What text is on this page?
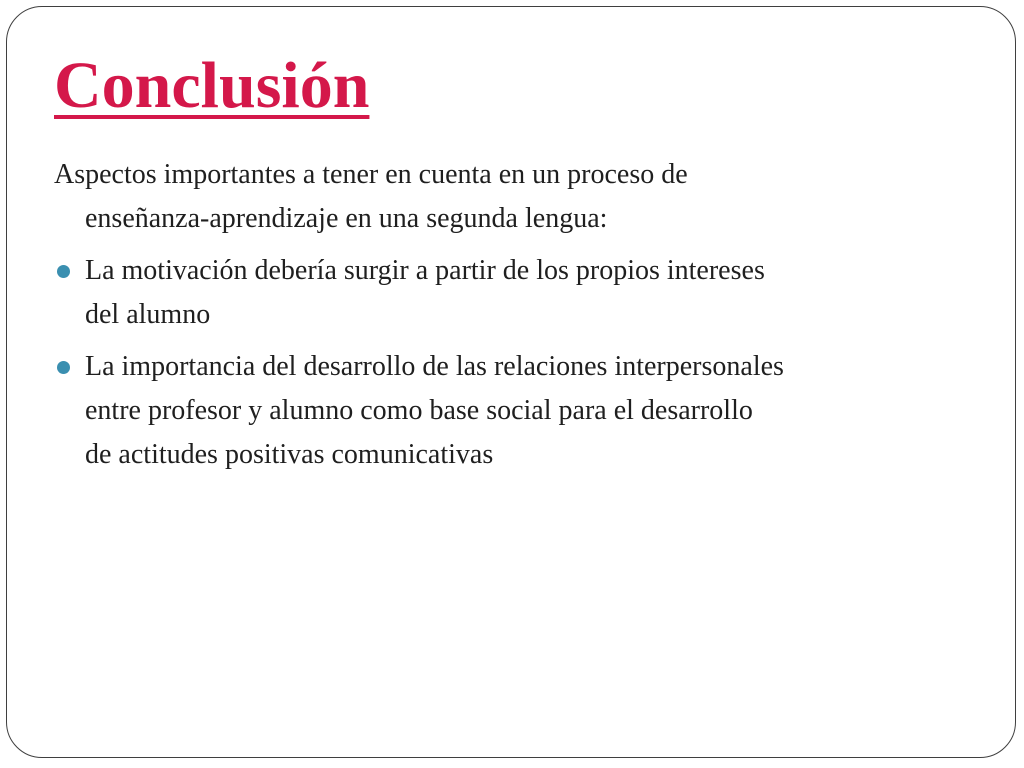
Conclusión

Aspectos importantes a tener en cuenta en un proceso de enseñanza-aprendizaje en una segunda lengua:

La motivación debería surgir a partir de los propios intereses del alumno
La importancia del desarrollo de las relaciones interpersonales entre profesor y alumno como base social para el desarrollo de actitudes positivas comunicativas
